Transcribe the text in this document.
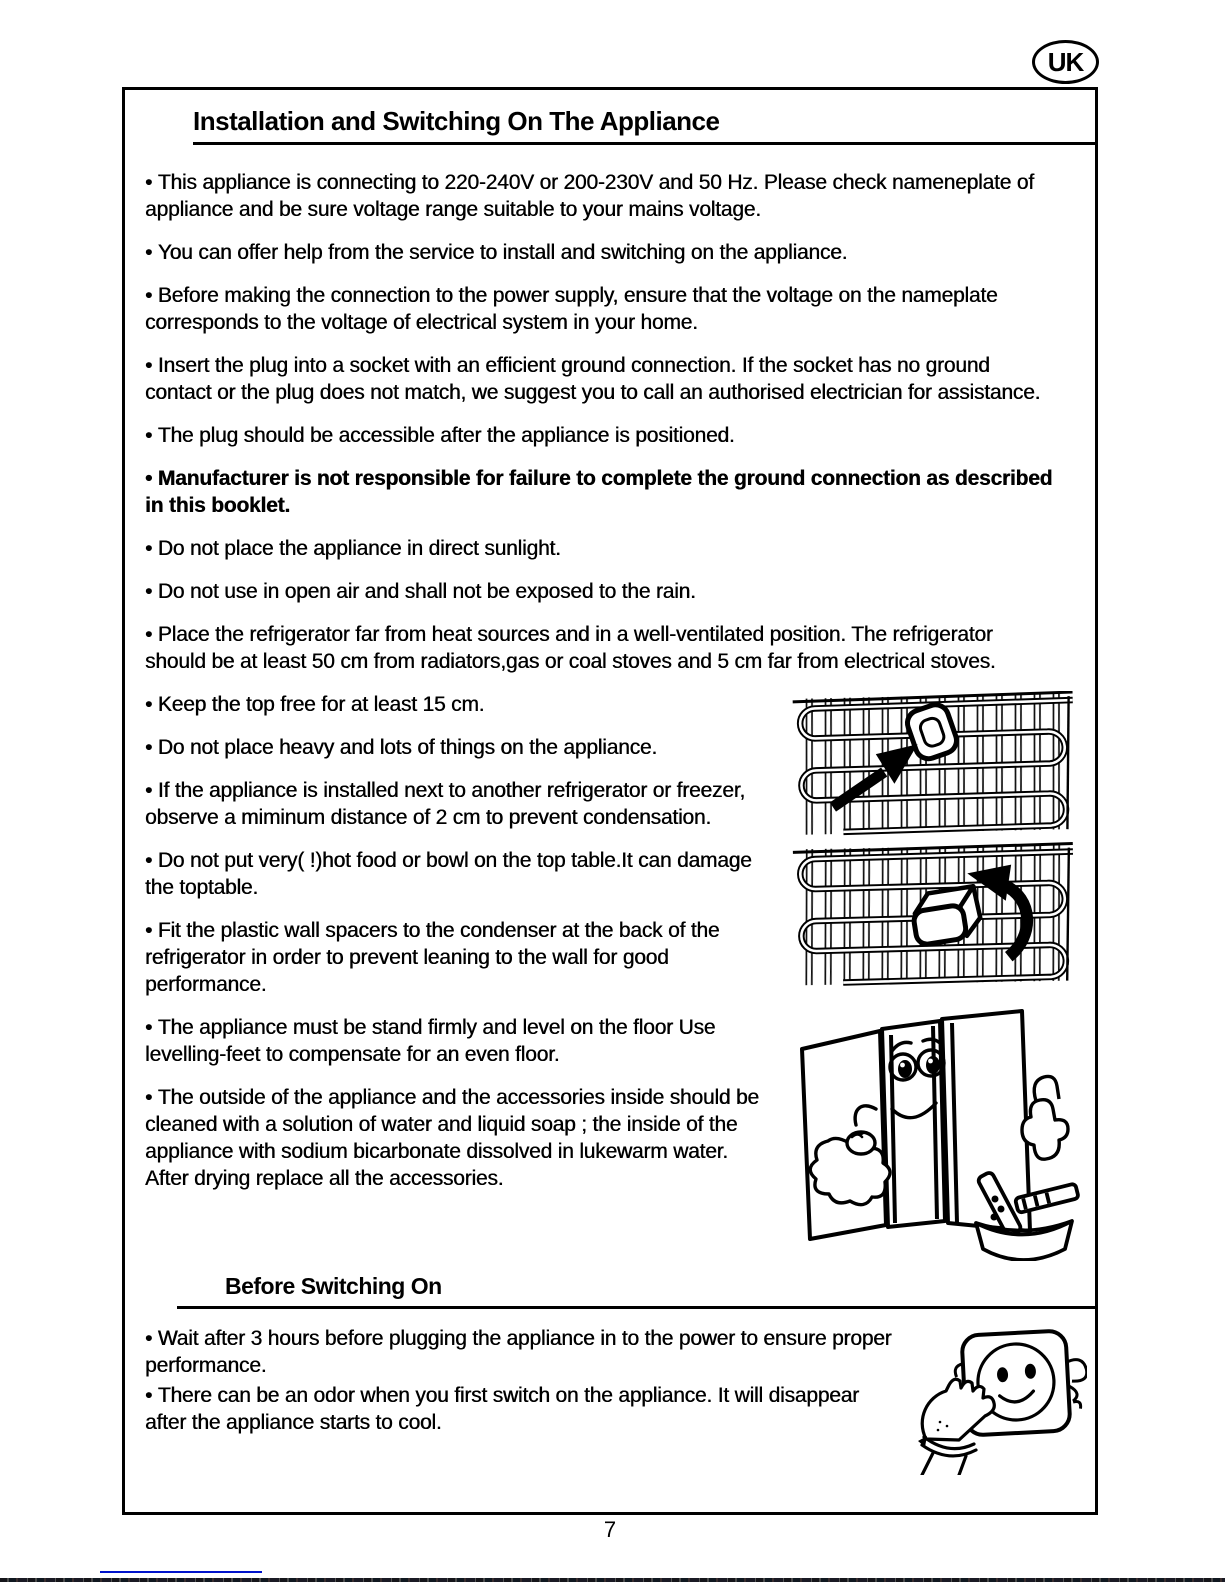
UK
Installation and Switching On The Appliance

• This appliance is connecting to 220-240V or 200-230V and 50 Hz. Please check nameneplate of appliance and be sure voltage range suitable to your mains voltage.

• You can offer help from the service to install and switching on the appliance.

• Before making the connection to the power supply, ensure that the voltage on the nameplate corresponds to the voltage of electrical system in your home.

• Insert the plug into a socket with an efficient ground connection. If the socket has no ground contact or the plug does not match, we suggest you to call an authorised electrician for assistance.

• The plug should be accessible after the appliance is positioned.

• Manufacturer is not responsible for failure to complete the ground connection as described in this booklet.

• Do not place the appliance in direct sunlight.

• Do not use in open air and shall not be exposed to the rain.

• Place the refrigerator far from heat sources and in a well-ventilated position. The refrigerator should be at least 50 cm from radiators,gas or coal stoves and 5 cm far from electrical stoves.

• Keep the top free for at least 15 cm.

• Do not place heavy and lots of things on the appliance.

• If the appliance is installed next to another refrigerator or freezer, observe a miminum distance of 2 cm to prevent condensation.

• Do not put very( !)hot food or bowl on the top table.It can damage the toptable.

• Fit the plastic wall spacers to the condenser at the back of the refrigerator in order to prevent leaning to the wall for good performance.

• The appliance must be stand firmly and level on the floor Use levelling-feet to compensate for an even floor.

• The outside of the appliance and the accessories inside should be cleaned with a solution of water and liquid soap ; the inside of the appliance with sodium bicarbonate dissolved in lukewarm water. After drying replace all the accessories.

Before Switching On

• Wait after 3 hours before plugging the appliance in to the power to ensure proper performance.

• There can be an odor when you first switch on the appliance. It will disappear after the appliance starts to cool.

7
